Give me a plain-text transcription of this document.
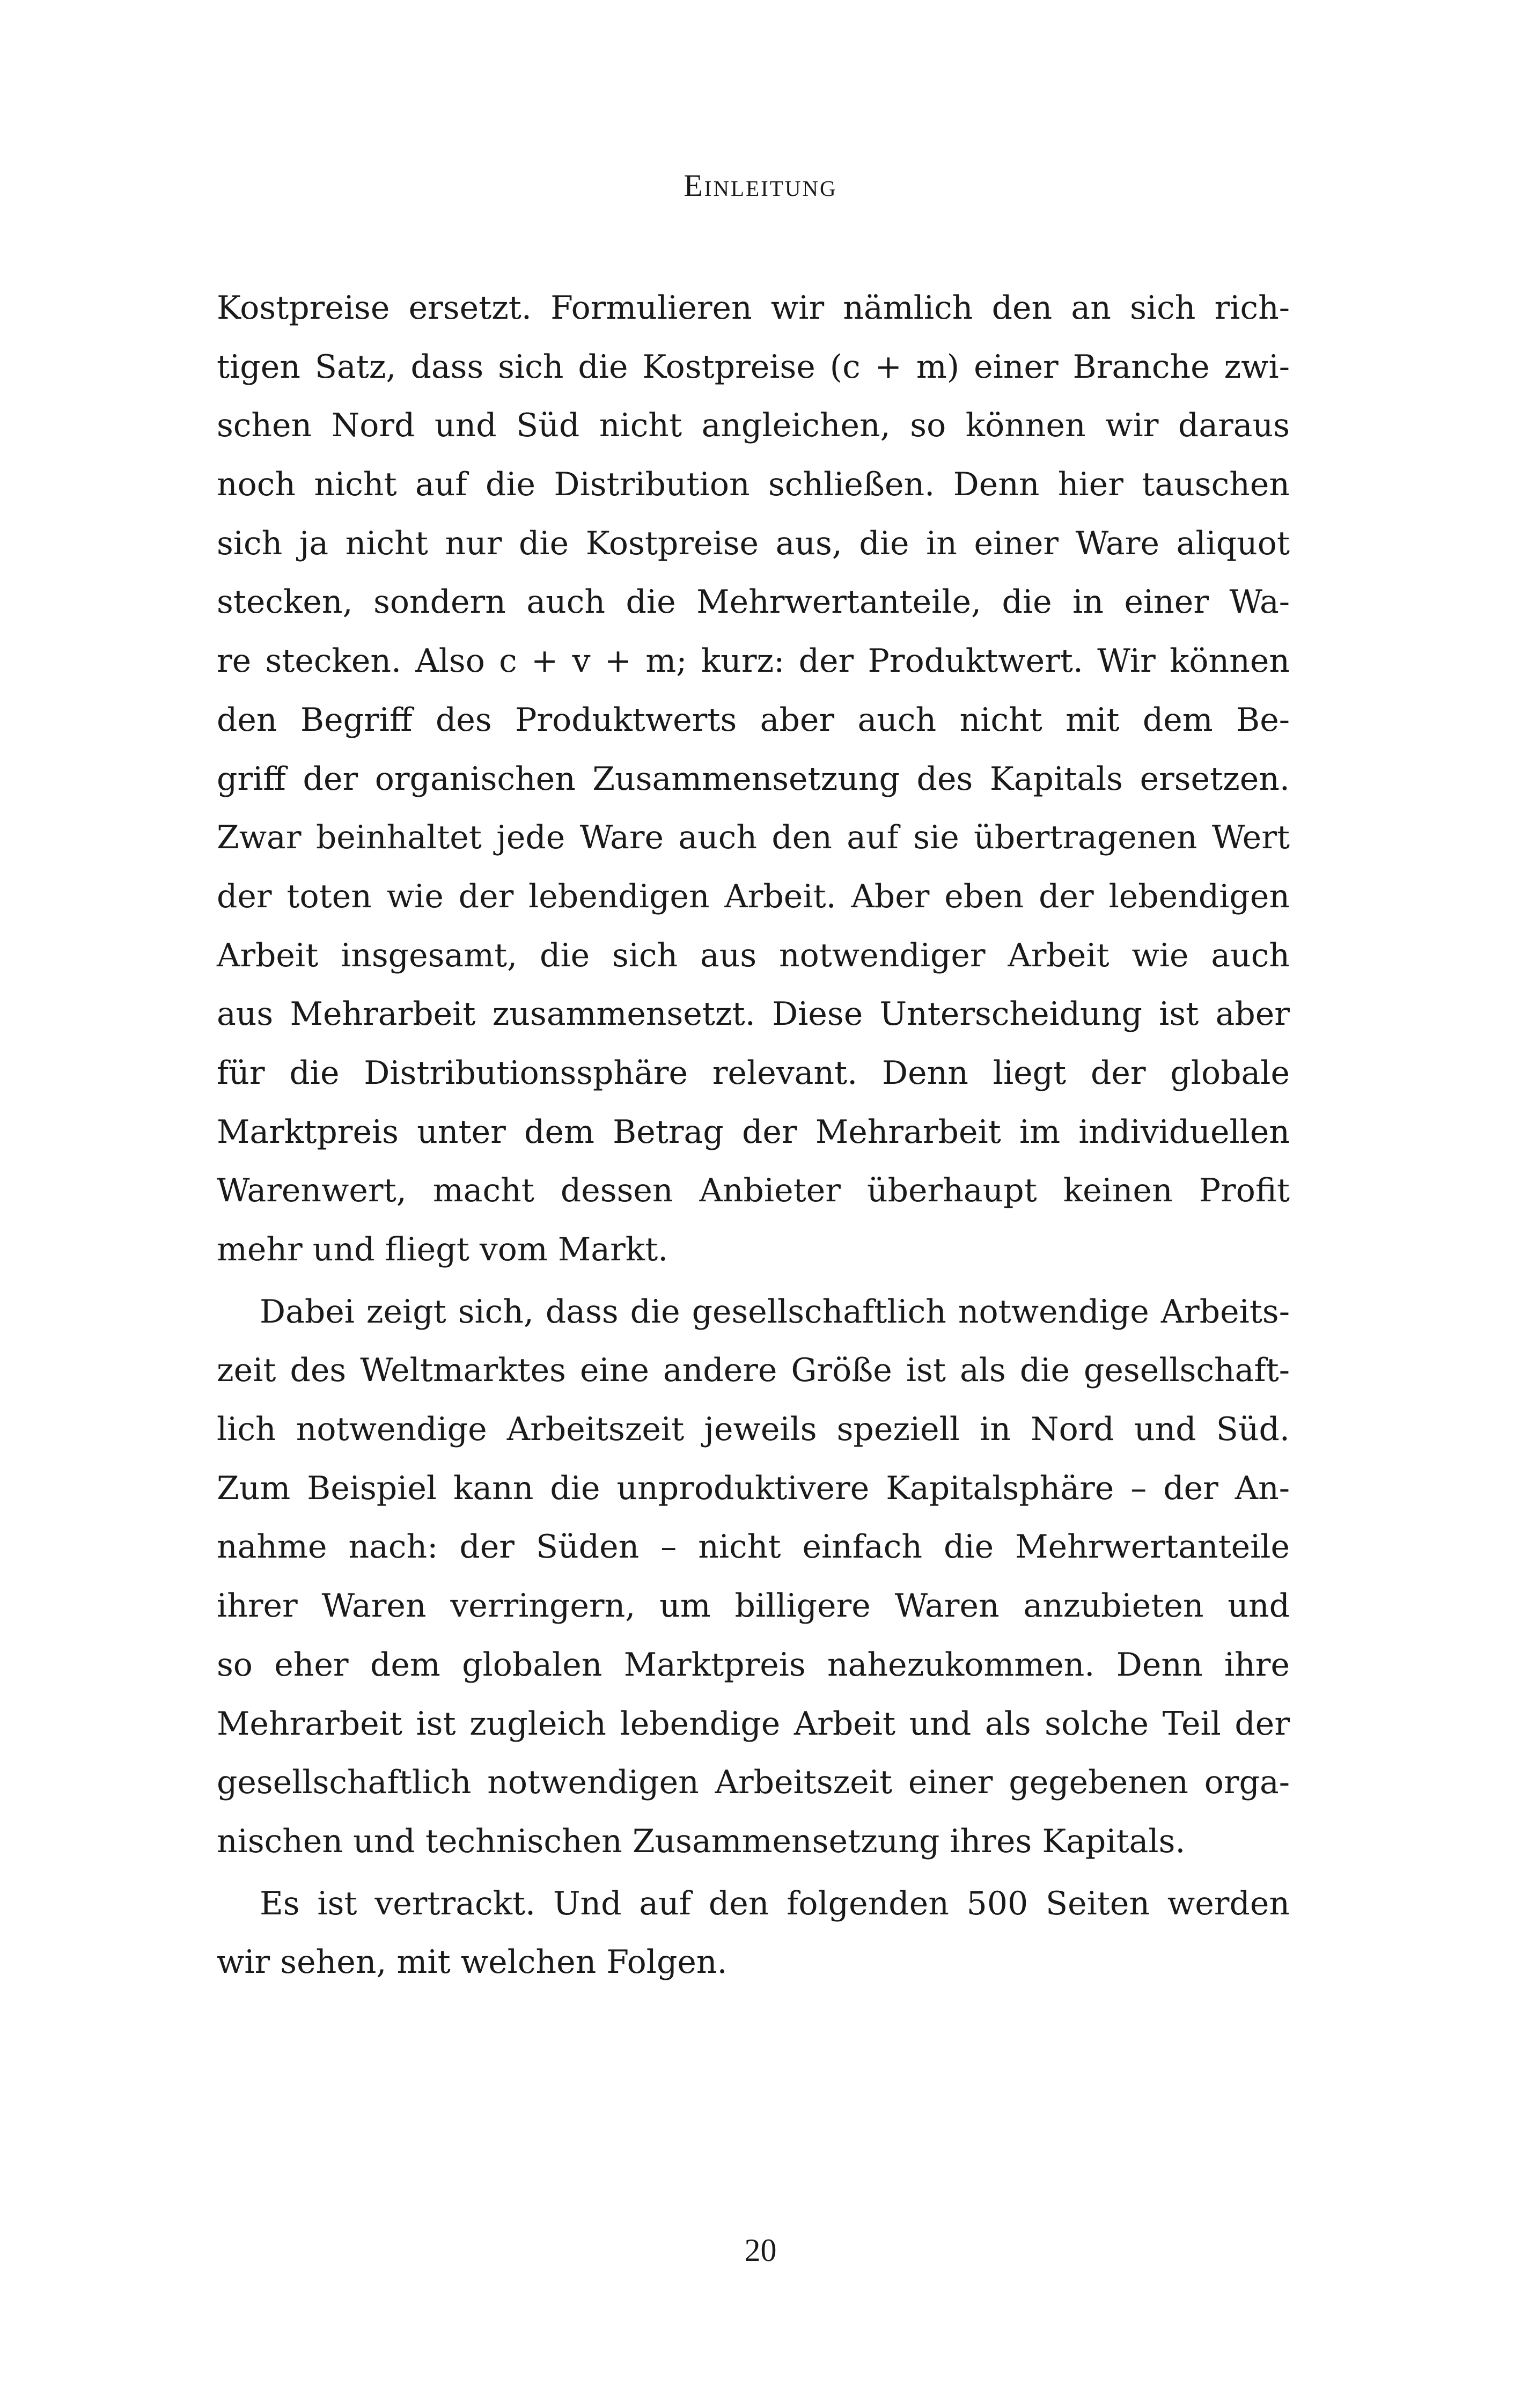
Einleitung
Kostpreise ersetzt. Formulieren wir nämlich den an sich rich-
tigen Satz, dass sich die Kostpreise (c + m) einer Branche zwi-
schen Nord und Süd nicht angleichen, so können wir daraus
noch nicht auf die Distribution schließen. Denn hier tauschen
sich ja nicht nur die Kostpreise aus, die in einer Ware aliquot
stecken, sondern auch die Mehrwertanteile, die in einer Wa-
re stecken. Also c + v + m; kurz: der Produktwert. Wir können
den Begriff des Produktwerts aber auch nicht mit dem Be-
griff der organischen Zusammensetzung des Kapitals ersetzen.
Zwar beinhaltet jede Ware auch den auf sie übertragenen Wert
der toten wie der lebendigen Arbeit. Aber eben der lebendigen
Arbeit insgesamt, die sich aus notwendiger Arbeit wie auch
aus Mehrarbeit zusammensetzt. Diese Unterscheidung ist aber
für die Distributionssphäre relevant. Denn liegt der globale
Marktpreis unter dem Betrag der Mehrarbeit im individuellen
Warenwert, macht dessen Anbieter überhaupt keinen Profit
mehr und fliegt vom Markt.
Dabei zeigt sich, dass die gesellschaftlich notwendige Arbeits-
zeit des Weltmarktes eine andere Größe ist als die gesellschaft-
lich notwendige Arbeitszeit jeweils speziell in Nord und Süd.
Zum Beispiel kann die unproduktivere Kapitalsphäre – der An-
nahme nach: der Süden – nicht einfach die Mehrwertanteile
ihrer Waren verringern, um billigere Waren anzubieten und
so eher dem globalen Marktpreis nahezukommen. Denn ihre
Mehrarbeit ist zugleich lebendige Arbeit und als solche Teil der
gesellschaftlich notwendigen Arbeitszeit einer gegebenen orga-
nischen und technischen Zusammensetzung ihres Kapitals.
Es ist vertrackt. Und auf den folgenden 500 Seiten werden
wir sehen, mit welchen Folgen.
20
